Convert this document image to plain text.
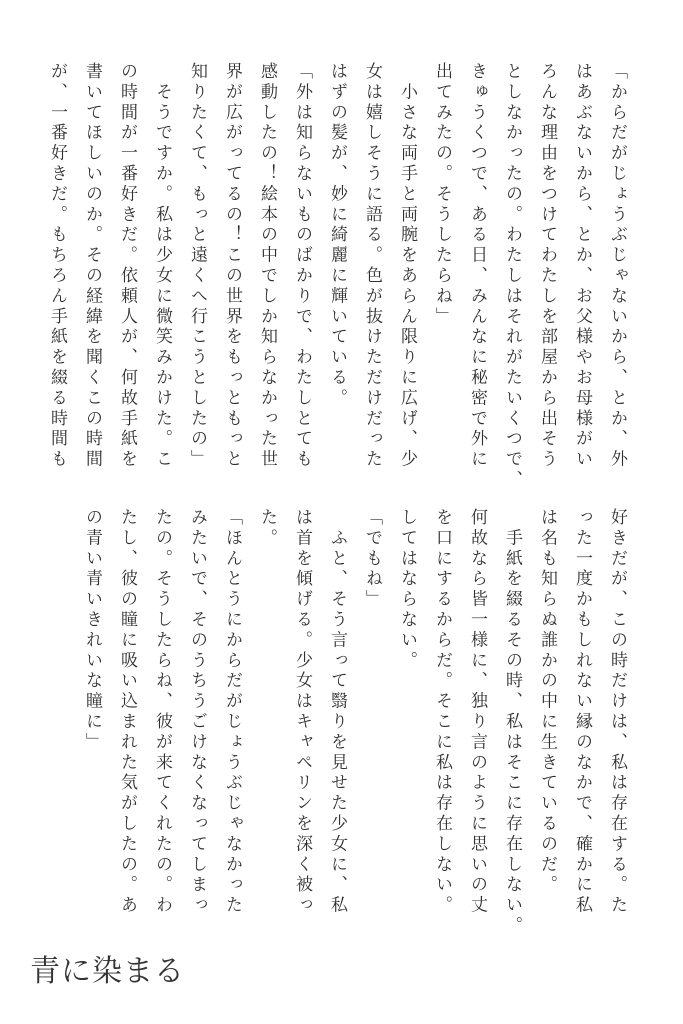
「からだがじょうぶじゃないから、とか、外
はあぶないから、とか、お父様やお母様がい
ろんな理由をつけてわたしを部屋から出そう
としなかったの。わたしはそれがたいくつで、
きゅうくつで、ある日、みんなに秘密で外に
出てみたの。そうしたらね」
　小さな両手と両腕をあらん限りに広げ、少
女は嬉しそうに語る。色が抜けただけだった
はずの髪が、妙に綺麗に輝いている。
「外は知らないものばかりで、わたしとても
感動したの！絵本の中でしか知らなかった世
界が広がってるの！この世界をもっともっと
知りたくて、もっと遠くへ行こうとしたの」
　そうですか。私は少女に微笑みかけた。こ
の時間が一番好きだ。依頼人が、何故手紙を
書いてほしいのか。その経緯を聞くこの時間
が、一番好きだ。もちろん手紙を綴る時間も
好きだが、この時だけは、私は存在する。た
った一度かもしれない縁のなかで、確かに私
は名も知らぬ誰かの中に生きているのだ。
　手紙を綴るその時、私はそこに存在しない。
何故なら皆一様に、独り言のように思いの丈
を口にするからだ。そこに私は存在しない。
してはならない。
「でもね」
　ふと、そう言って翳りを見せた少女に、私
は首を傾げる。少女はキャペリンを深く被っ
た。
「ほんとうにからだがじょうぶじゃなかった
みたいで、そのうちうごけなくなってしまっ
たの。そうしたらね、彼が来てくれたの。わ
たし、彼の瞳に吸い込まれた気がしたの。あ
の青い青いきれいな瞳に」
青に染まる
